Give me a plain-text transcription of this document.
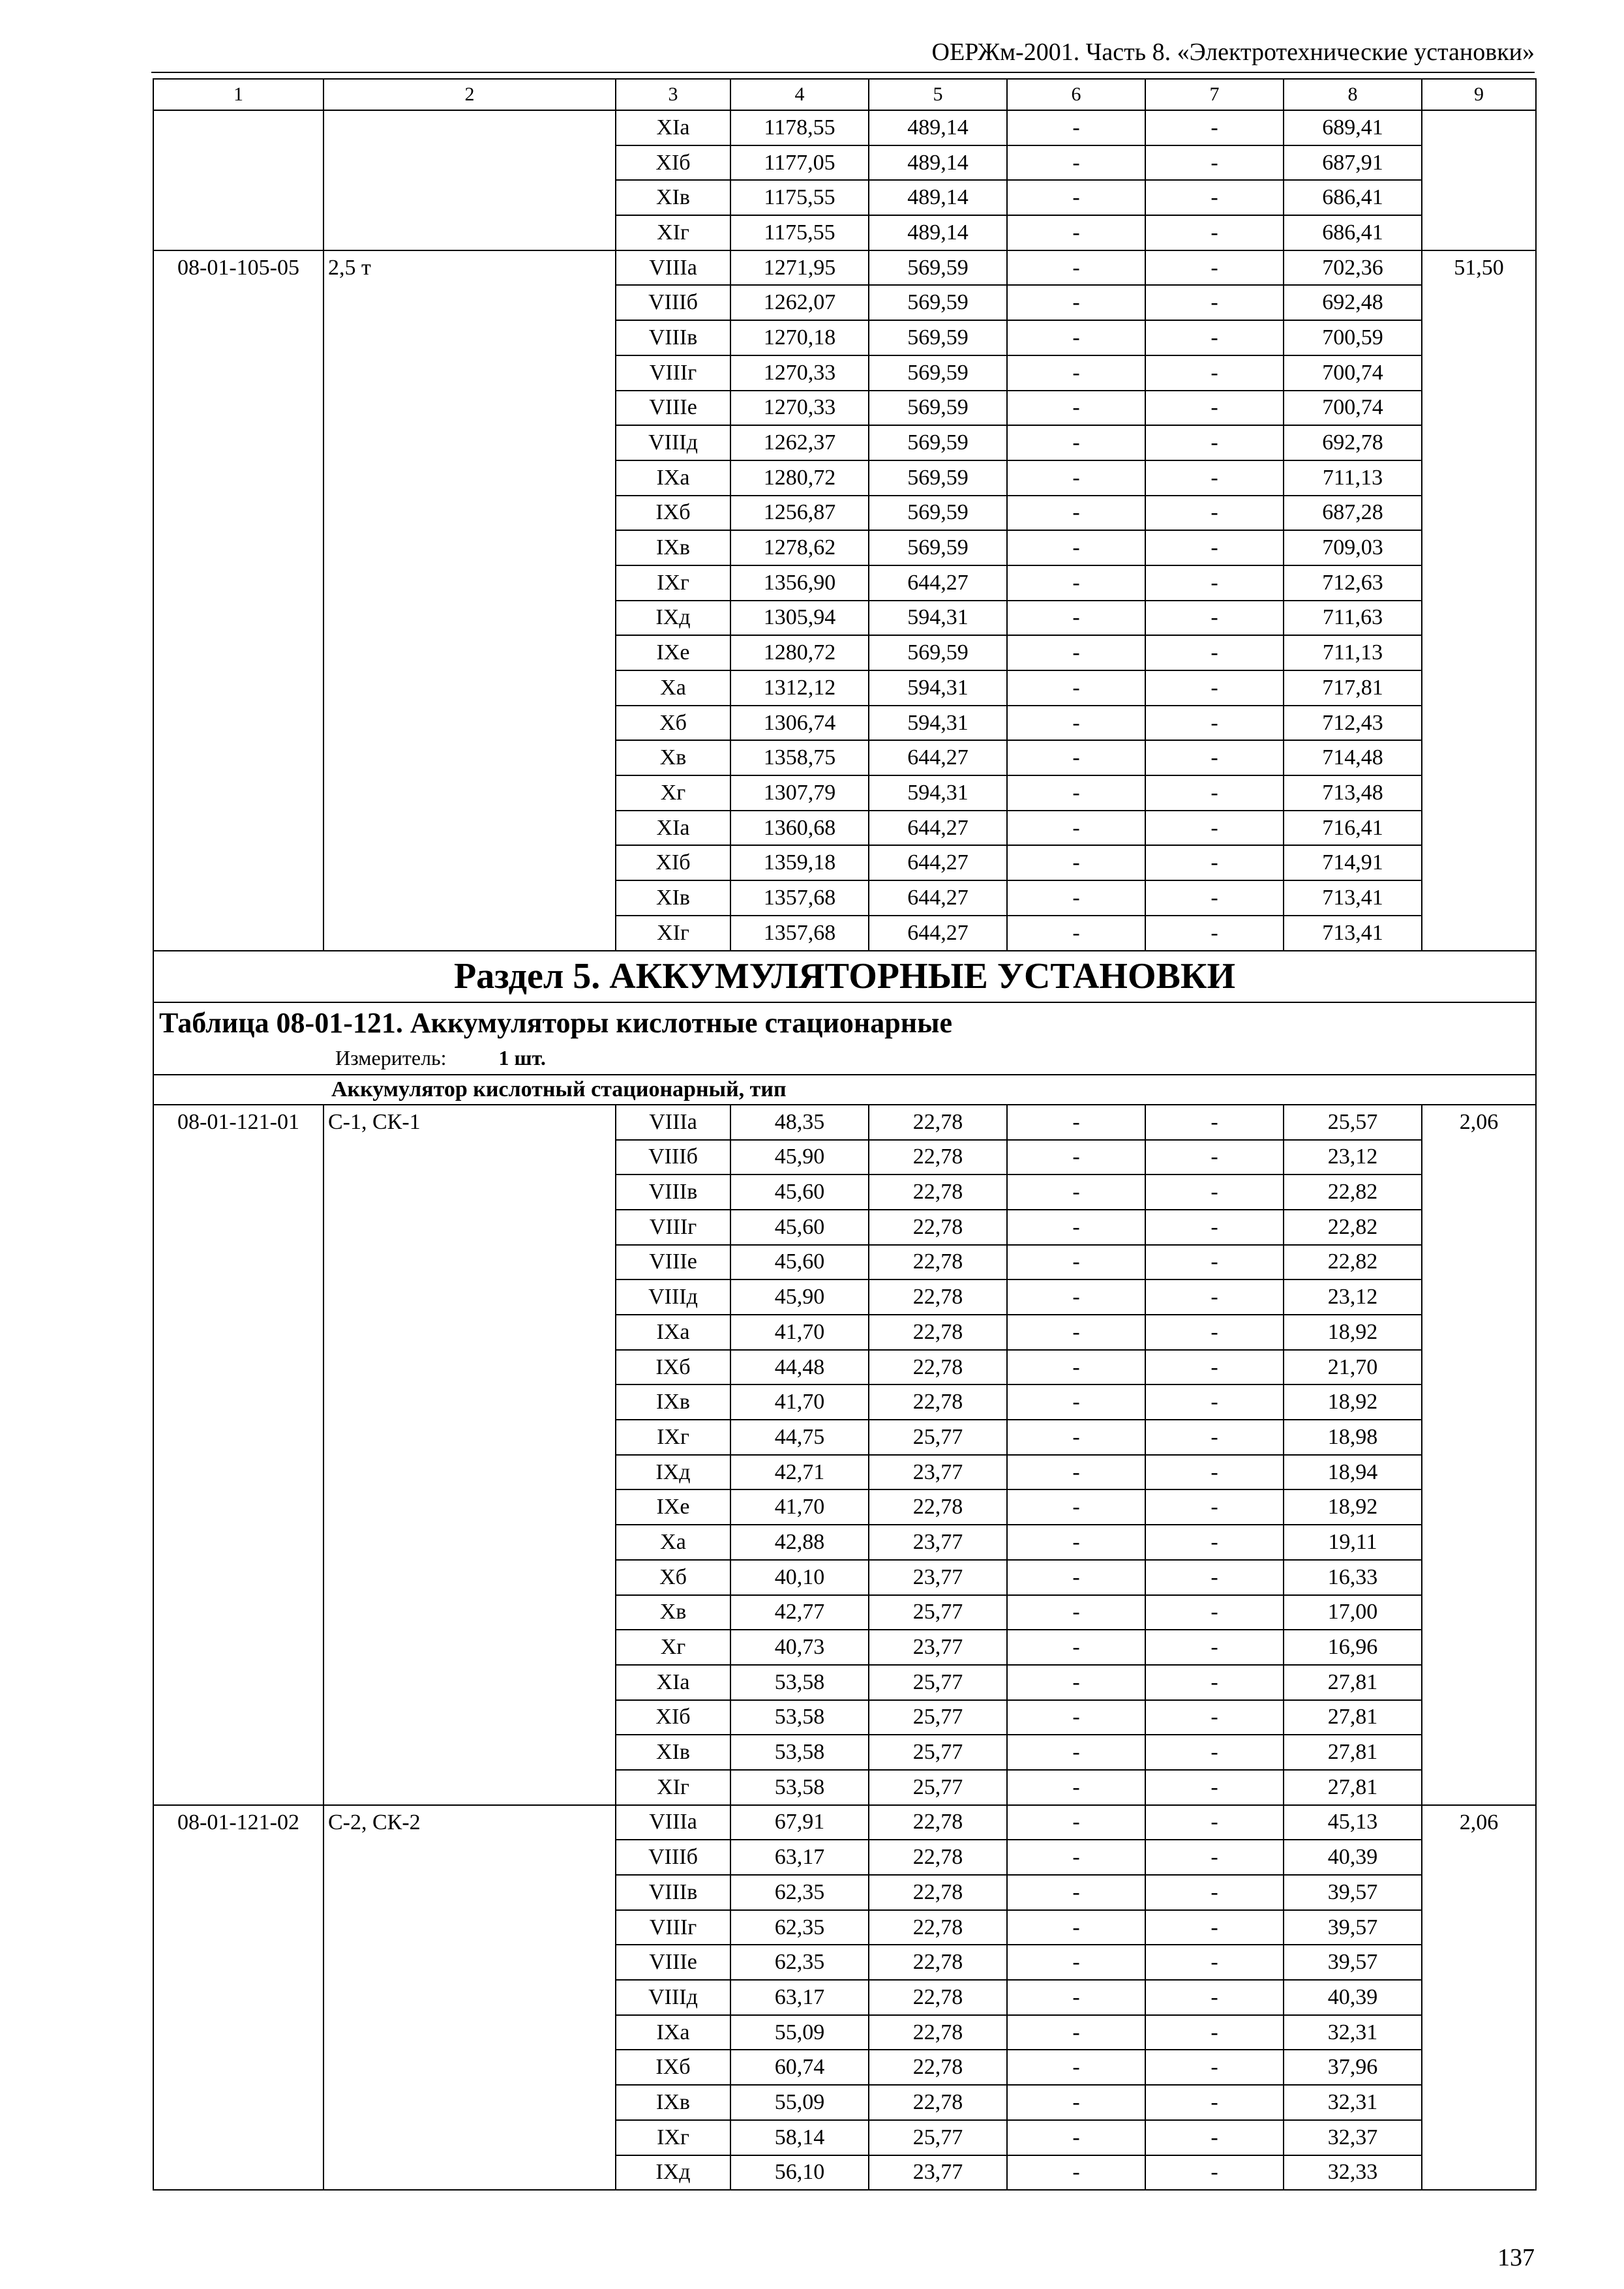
ОЕРЖм-2001. Часть 8. «Электротехнические установки»
1	2	3	4	5	6	7	8	9
		XIа	1178,55	489,14	-	-	689,41	
		XIб	1177,05	489,14	-	-	687,91	
		XIв	1175,55	489,14	-	-	686,41	
		XIг	1175,55	489,14	-	-	686,41	
08-01-105-05	2,5 т	VIIIа	1271,95	569,59	-	-	702,36	51,50
		VIIIб	1262,07	569,59	-	-	692,48	
		VIIIв	1270,18	569,59	-	-	700,59	
		VIIIг	1270,33	569,59	-	-	700,74	
		VIIIе	1270,33	569,59	-	-	700,74	
		VIIIд	1262,37	569,59	-	-	692,78	
		IXа	1280,72	569,59	-	-	711,13	
		IXб	1256,87	569,59	-	-	687,28	
		IXв	1278,62	569,59	-	-	709,03	
		IXг	1356,90	644,27	-	-	712,63	
		IXд	1305,94	594,31	-	-	711,63	
		IXе	1280,72	569,59	-	-	711,13	
		Xа	1312,12	594,31	-	-	717,81	
		Xб	1306,74	594,31	-	-	712,43	
		Xв	1358,75	644,27	-	-	714,48	
		Xг	1307,79	594,31	-	-	713,48	
		XIа	1360,68	644,27	-	-	716,41	
		XIб	1359,18	644,27	-	-	714,91	
		XIв	1357,68	644,27	-	-	713,41	
		XIг	1357,68	644,27	-	-	713,41	
Раздел 5. АККУМУЛЯТОРНЫЕ УСТАНОВКИ								

Таблица 08-01-121. Аккумуляторы кислотные стационарные
Измеритель: 1 шт.								

Аккумулятор кислотный стационарный, тип								
08-01-121-01	С-1, СК-1	VIIIа	48,35	22,78	-	-	25,57	2,06
		VIIIб	45,90	22,78	-	-	23,12	
		VIIIв	45,60	22,78	-	-	22,82	
		VIIIг	45,60	22,78	-	-	22,82	
		VIIIе	45,60	22,78	-	-	22,82	
		VIIIд	45,90	22,78	-	-	23,12	
		IXа	41,70	22,78	-	-	18,92	
		IXб	44,48	22,78	-	-	21,70	
		IXв	41,70	22,78	-	-	18,92	
		IXг	44,75	25,77	-	-	18,98	
		IXд	42,71	23,77	-	-	18,94	
		IXе	41,70	22,78	-	-	18,92	
		Xа	42,88	23,77	-	-	19,11	
		Xб	40,10	23,77	-	-	16,33	
		Xв	42,77	25,77	-	-	17,00	
		Xг	40,73	23,77	-	-	16,96	
		XIа	53,58	25,77	-	-	27,81	
		XIб	53,58	25,77	-	-	27,81	
		XIв	53,58	25,77	-	-	27,81	
		XIг	53,58	25,77	-	-	27,81	
08-01-121-02	С-2, СК-2	VIIIа	67,91	22,78	-	-	45,13	2,06
		VIIIб	63,17	22,78	-	-	40,39	
		VIIIв	62,35	22,78	-	-	39,57	
		VIIIг	62,35	22,78	-	-	39,57	
		VIIIе	62,35	22,78	-	-	39,57	
		VIIIд	63,17	22,78	-	-	40,39	
		IXа	55,09	22,78	-	-	32,31	
		IXб	60,74	22,78	-	-	37,96	
		IXв	55,09	22,78	-	-	32,31	
		IXг	58,14	25,77	-	-	32,37	
		IXд	56,10	23,77	-	-	32,33	
137
